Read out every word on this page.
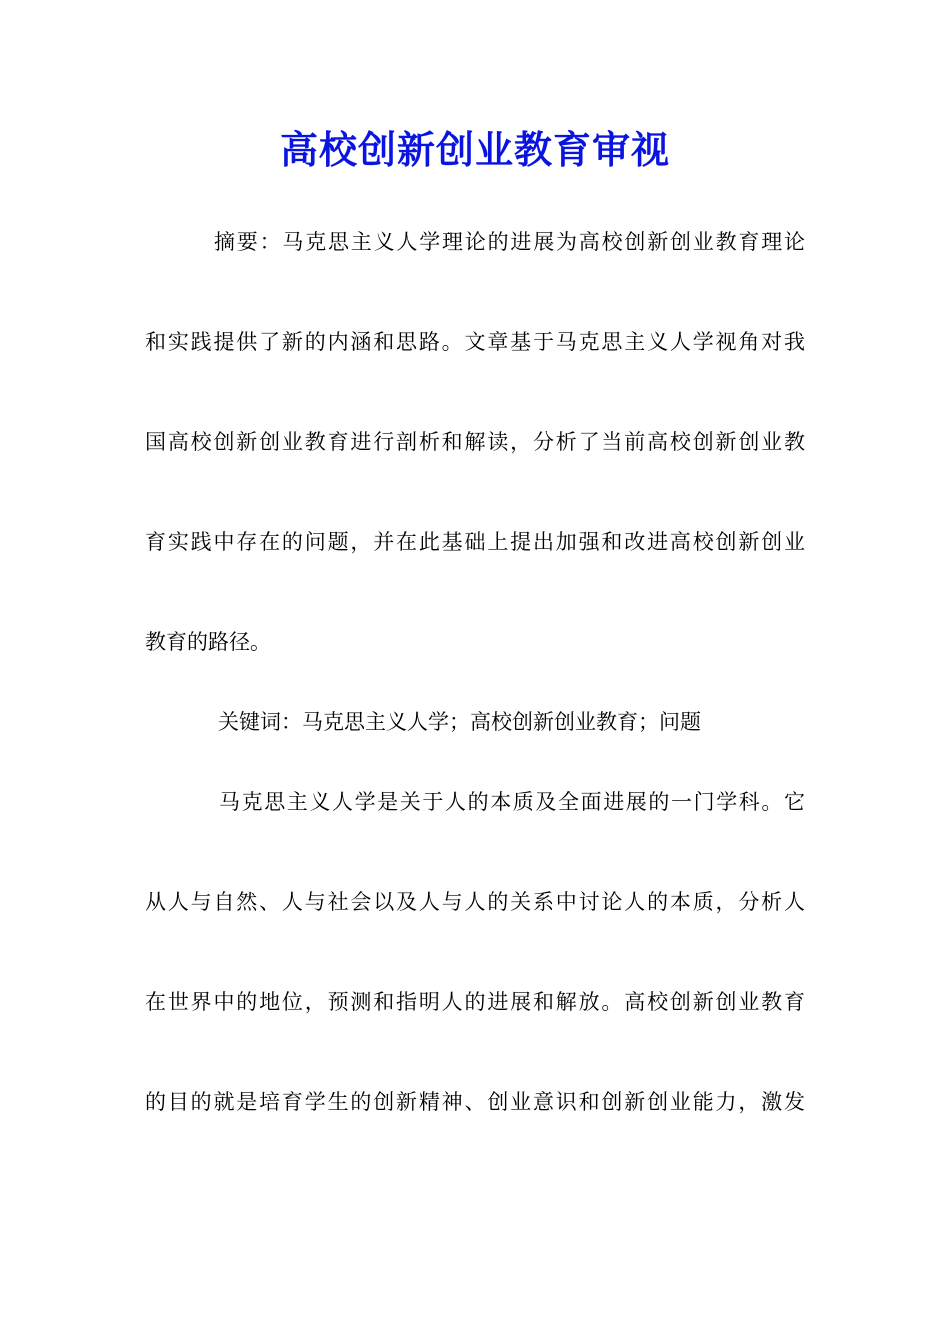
高校创新创业教育审视

摘要：马克思主义人学理论的进展为高校创新创业教育理论

和实践提供了新的内涵和思路。文章基于马克思主义人学视角对我

国高校创新创业教育进行剖析和解读，分析了当前高校创新创业教

育实践中存在的问题，并在此基础上提出加强和改进高校创新创业

教育的路径。

关键词：马克思主义人学；高校创新创业教育；问题

马克思主义人学是关于人的本质及全面进展的一门学科。它

从人与自然、人与社会以及人与人的关系中讨论人的本质，分析人

在世界中的地位，预测和指明人的进展和解放。高校创新创业教育

的目的就是培育学生的创新精神、创业意识和创新创业能力，激发
